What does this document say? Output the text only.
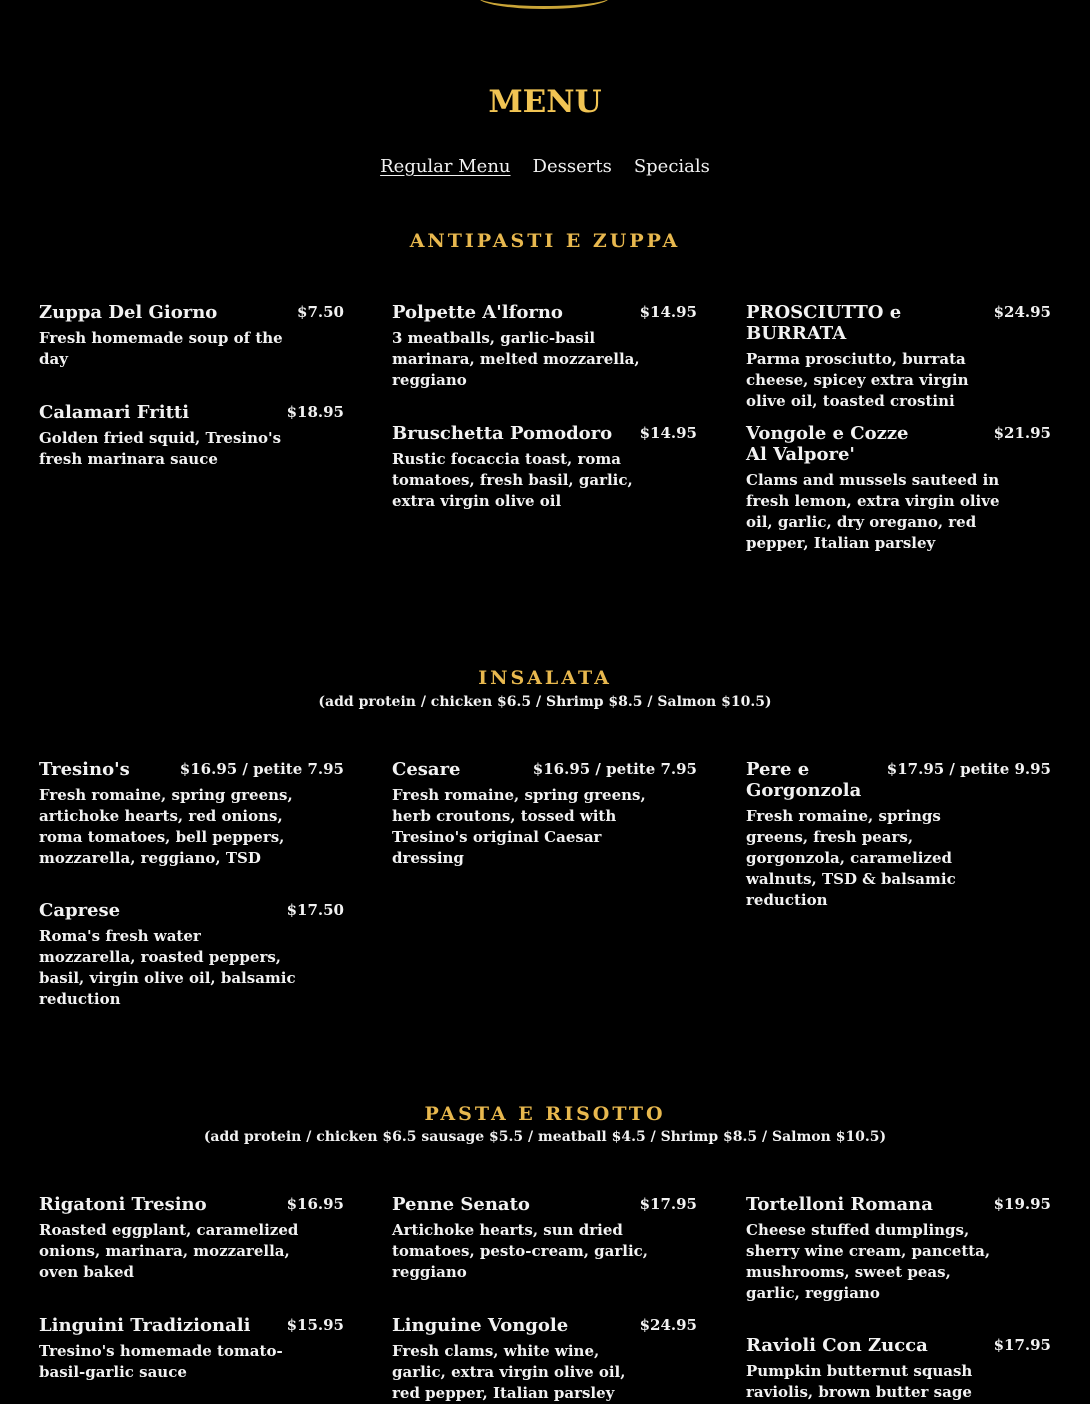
MENU
Regular Menu Desserts Specials
ANTIPASTI E ZUPPA
Zuppa Del Giorno	$7.50
Fresh homemade soup of the day
Polpette A'lforno	$14.95
3 meatballs, garlic-basil marinara, melted mozzarella, reggiano
PROSCIUTTO e BURRATA
$24.95
Parma prosciutto, burrata cheese, spicey extra virgin olive oil, toasted crostini
Calamari Fritti	$18.95
Golden fried squid, Tresino's fresh marinara sauce
Bruschetta Pomodoro $14.95
Rustic focaccia toast, roma tomatoes, fresh basil, garlic, extra virgin olive oil
Vongole e Cozze Al Valpore'
$21.95
Clams and mussels sauteed in fresh lemon, extra virgin olive oil, garlic, dry oregano, red pepper, Italian parsley
INSALATA
(add protein / chicken $6.5 / Shrimp $8.5 / Salmon $10.5)
Tresino's	$16.95 / petite 7.95
Fresh romaine, spring greens, artichoke hearts, red onions, roma tomatoes, bell peppers, mozzarella, reggiano, TSD
Cesare	$16.95 / petite 7.95
Fresh romaine, spring greens, herb croutons, tossed with Tresino's original Caesar dressing
Pere e Gorgonzola
$17.95 / petite 9.95
Fresh romaine, springs greens, fresh pears, gorgonzola, caramelized walnuts, TSD & balsamic reduction
Caprese	$17.50
Roma's fresh water mozzarella, roasted peppers, basil, virgin olive oil, balsamic reduction
PASTA E RISOTTO
(add protein / chicken $6.5 sausage $5.5 / meatball $4.5 / Shrimp $8.5 / Salmon $10.5)
Rigatoni Tresino	$16.95
Roasted eggplant, caramelized onions, marinara, mozzarella, oven baked
Penne Senato	$17.95
Artichoke hearts, sun dried tomatoes, pesto-cream, garlic, reggiano
Tortelloni Romana	$19.95
Cheese stuffed dumplings, sherry wine cream, pancetta, mushrooms, sweet peas, garlic, reggiano
Linguini Tradizionali $15.95
Tresino's homemade tomato-basil-garlic sauce
Linguine Vongole	$24.95
Fresh clams, white wine, garlic, extra virgin olive oil, red pepper, Italian parsley
Ravioli Con Zucca	$17.95
Pumpkin butternut squash raviolis, brown butter sage
